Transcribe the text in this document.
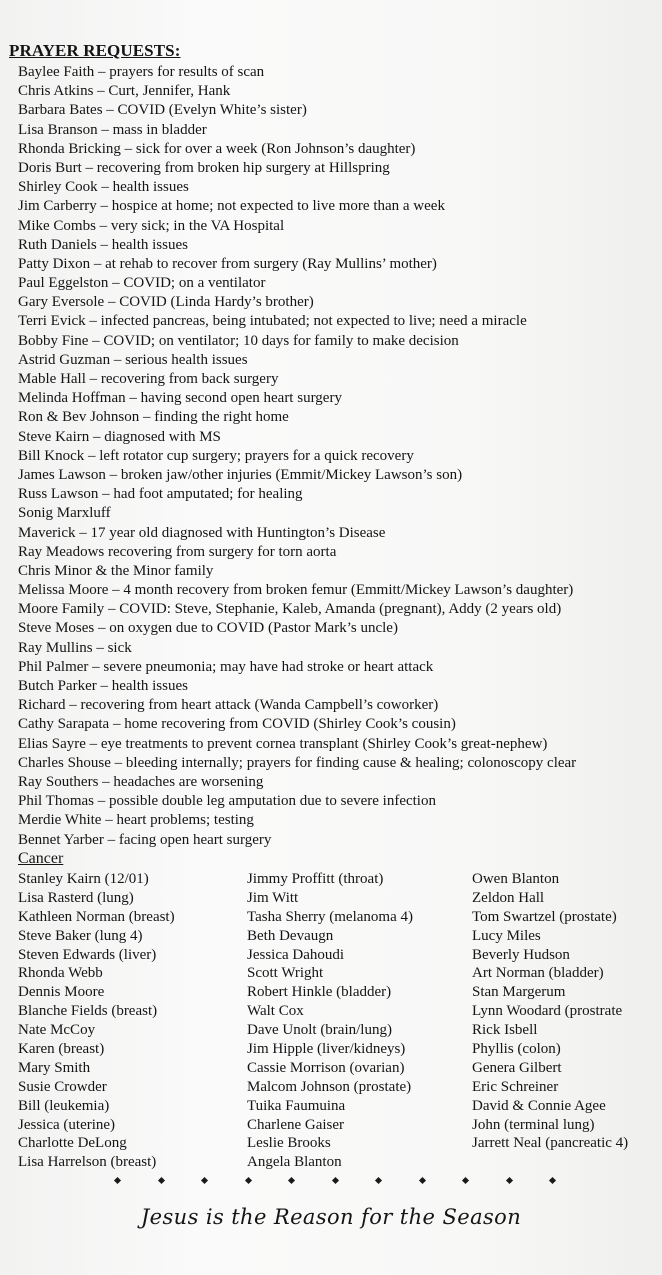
PRAYER REQUESTS:
Baylee Faith – prayers for results of scan
Chris Atkins – Curt, Jennifer, Hank
Barbara Bates – COVID (Evelyn White’s sister)
Lisa Branson – mass in bladder
Rhonda Bricking – sick for over a week (Ron Johnson’s daughter)
Doris Burt – recovering from broken hip surgery at Hillspring
Shirley Cook – health issues
Jim Carberry – hospice at home; not expected to live more than a week
Mike Combs – very sick; in the VA Hospital
Ruth Daniels – health issues
Patty Dixon – at rehab to recover from surgery (Ray Mullins’ mother)
Paul Eggelston – COVID; on a ventilator
Gary Eversole – COVID (Linda Hardy’s brother)
Terri Evick – infected pancreas, being intubated; not expected to live; need a miracle
Bobby Fine – COVID; on ventilator; 10 days for family to make decision
Astrid Guzman – serious health issues
Mable Hall – recovering from back surgery
Melinda Hoffman – having second open heart surgery
Ron & Bev Johnson – finding the right home
Steve Kairn – diagnosed with MS
Bill Knock – left rotator cup surgery; prayers for a quick recovery
James Lawson – broken jaw/other injuries (Emmit/Mickey Lawson’s son)
Russ Lawson – had foot amputated; for healing
Sonig Marxluff
Maverick – 17 year old diagnosed with Huntington’s Disease
Ray Meadows recovering from surgery for torn aorta
Chris Minor & the Minor family
Melissa Moore – 4 month recovery from broken femur (Emmitt/Mickey Lawson’s daughter)
Moore Family – COVID: Steve, Stephanie, Kaleb, Amanda (pregnant), Addy (2 years old)
Steve Moses – on oxygen due to COVID (Pastor Mark’s uncle)
Ray Mullins – sick
Phil Palmer – severe pneumonia; may have had stroke or heart attack
Butch Parker – health issues
Richard – recovering from heart attack (Wanda Campbell’s coworker)
Cathy Sarapata – home recovering from COVID (Shirley Cook’s cousin)
Elias Sayre – eye treatments to prevent cornea transplant (Shirley Cook’s great-nephew)
Charles Shouse – bleeding internally; prayers for finding cause & healing; colonoscopy clear
Ray Southers – headaches are worsening
Phil Thomas – possible double leg amputation due to severe infection
Merdie White – heart problems; testing
Bennet Yarber – facing open heart surgery
Cancer
Stanley Kairn (12/01)
Lisa Rasterd (lung)
Kathleen Norman (breast)
Steve Baker (lung 4)
Steven Edwards (liver)
Rhonda Webb
Dennis Moore
Blanche Fields (breast)
Nate McCoy
Karen (breast)
Mary Smith
Susie Crowder
Bill (leukemia)
Jessica (uterine)
Charlotte DeLong
Lisa Harrelson (breast)
Jimmy Proffitt (throat)
Jim Witt
Tasha Sherry (melanoma 4)
Beth Devaugn
Jessica Dahoudi
Scott Wright
Robert Hinkle (bladder)
Walt Cox
Dave Unolt (brain/lung)
Jim Hipple (liver/kidneys)
Cassie Morrison (ovarian)
Malcom Johnson (prostate)
Tuika Faumuina
Charlene Gaiser
Leslie Brooks
Angela Blanton
Owen Blanton
Zeldon Hall
Tom Swartzel (prostate)
Lucy Miles
Beverly Hudson
Art Norman (bladder)
Stan Margerum
Lynn Woodard (prostrate
Rick Isbell
Phyllis (colon)
Genera Gilbert
Eric Schreiner
David & Connie Agee
John (terminal lung)
Jarrett Neal (pancreatic 4)
Jesus is the Reason for the Season
